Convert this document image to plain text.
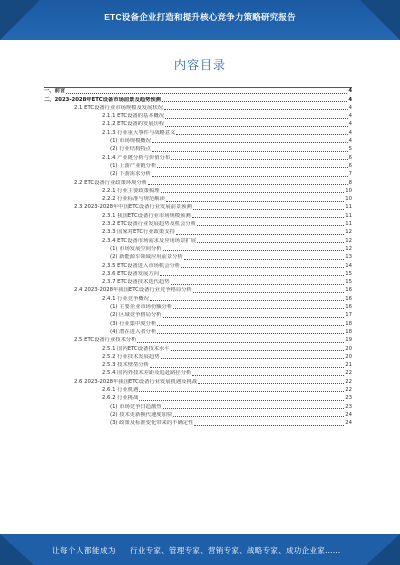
ETC设备企业打造和提升核心竞争力策略研究报告
内容目录
一、前言	4
二、2023-2028年ETC设备市场前景及趋势预测	4
2.1 ETC设备行业市场规模及发展状况	4
2.1.1 ETC设备的基本概况	4
2.1.2 ETC设备的发展历程	4
2.1.3 行业重大事件与战略意义	4
(1) 市场规模概况	4
(2) 行业结构特点	5
2.1.4 产业链分析与价值分布	6
(1) 上游产业链分析	6
(2) 下游需求分析	7
2.2 ETC设备行业政策环境分析	8
2.2.1 行业主要政策梳理	10
2.2.2 行业标准与规范解读	10
2.3 2023-2028年中国ETC设备行业发展前景预测	11
2.3.1 我国ETC设备行业市场规模预测	11
2.3.2 ETC设备行业发展趋势及机会分析	11
2.3.3 国家对ETC行业政策支持	12
2.3.4 ETC设备市场需求及应用场景扩展	12
(1) 市场发展空间分析	12
(2) 新能源车领域应用前景分析	13
2.3.5 ETC设备进入市场机会分析	14
2.3.6 ETC设备发展方向	15
2.3.7 ETC设备技术迭代趋势	15
2.4 2023-2028年我国ETC设备行业竞争格局分析	16
2.4.1 行业竞争概况	16
(1) 主要企业市场份额分析	16
(2) 区域竞争格局分析	17
(3) 行业集中度分析	18
(4) 潜在进入者分析	18
2.5 ETC设备行业技术分析	19
2.5.1 国内ETC设备技术水平	20
2.5.2 行业技术发展趋势	20
2.5.3 技术壁垒分析	21
2.5.4 国内外技术差距及追赶路径分析	22
2.6 2023-2028年我国ETC设备行业发展机遇及挑战	22
2.6.1 行业机遇	22
2.6.2 行业挑战	23
(1) 市场竞争日趋激烈	23
(2) 技术更新换代速度加快	24
(3) 政策及标准变化带来的不确定性	24
让每个人都能成为 行业专家、管理专家、营销专家、战略专家、成功企业家……
